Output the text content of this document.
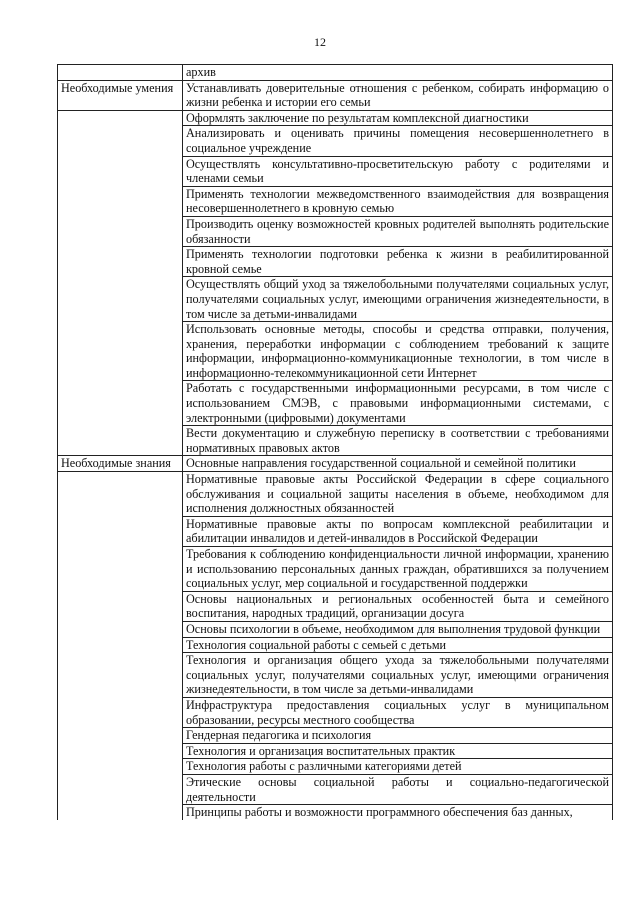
12
	архив
Необходимые умения	Устанавливать доверительные отношения с ребенком, собирать информацию о жизни ребенка и истории его семьи
	Оформлять заключение по результатам комплексной диагностики
	Анализировать и оценивать причины помещения несовершеннолетнего в социальное учреждение
	Осуществлять консультативно-просветительскую работу с родителями и членами семьи
	Применять технологии межведомственного взаимодействия для возвращения несовершеннолетнего в кровную семью
	Производить оценку возможностей кровных родителей выполнять родительские обязанности
	Применять технологии подготовки ребенка к жизни в реабилитированной кровной семье
	Осуществлять общий уход за тяжелобольными получателями социальных услуг, получателями социальных услуг, имеющими ограничения жизнедеятельности, в том числе за детьми-инвалидами
	Использовать основные методы, способы и средства отправки, получения, хранения, переработки информации с соблюдением требований к защите информации, информационно-коммуникационные технологии, в том числе в информационно-телекоммуникационной сети Интернет
	Работать с государственными информационными ресурсами, в том числе с использованием СМЭВ, с правовыми информационными системами, с электронными (цифровыми) документами
	Вести документацию и служебную переписку в соответствии с требованиями нормативных правовых актов
Необходимые знания	Основные направления государственной социальной и семейной политики
	Нормативные правовые акты Российской Федерации в сфере социального обслуживания и социальной защиты населения в объеме, необходимом для исполнения должностных обязанностей
	Нормативные правовые акты по вопросам комплексной реабилитации и абилитации инвалидов и детей-инвалидов в Российской Федерации
	Требования к соблюдению конфиденциальности личной информации, хранению и использованию персональных данных граждан, обратившихся за получением социальных услуг, мер социальной и государственной поддержки
	Основы национальных и региональных особенностей быта и семейного воспитания, народных традиций, организации досуга
	Основы психологии в объеме, необходимом для выполнения трудовой функции
	Технология социальной работы с семьей с детьми
	Технология и организация общего ухода за тяжелобольными получателями социальных услуг, получателями социальных услуг, имеющими ограничения жизнедеятельности, в том числе за детьми-инвалидами
	Инфраструктура предоставления социальных услуг в муниципальном образовании, ресурсы местного сообщества
	Гендерная педагогика и психология
	Технология и организация воспитательных практик
	Технология работы с различными категориями детей
	Этические основы социальной работы и социально-педагогической деятельности
	Принципы работы и возможности программного обеспечения баз данных,
